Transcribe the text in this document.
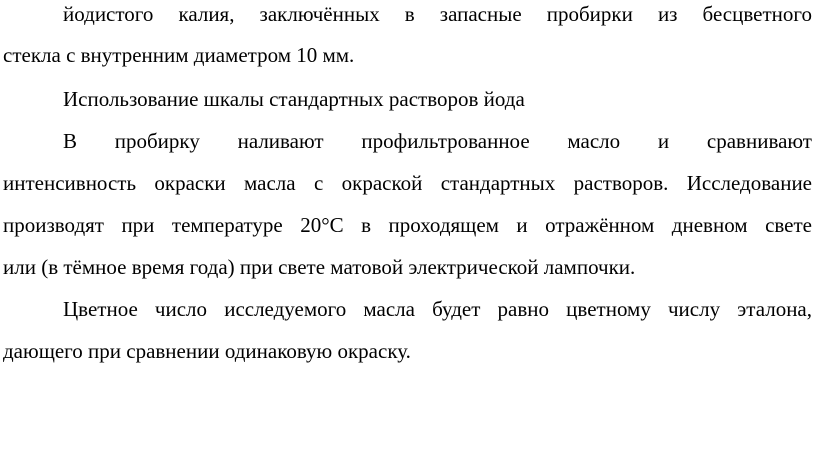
йодистого калия, заключённых в запасные пробирки из бесцветного
стекла с внутренним диаметром 10 мм.
Использование шкалы стандартных растворов йода
В пробирку наливают профильтрованное масло и сравнивают
интенсивность окраски масла с окраской стандартных растворов. Исследование
производят при температуре 20°С в проходящем и отражённом дневном свете
или (в тёмное время года) при свете матовой электрической лампочки.
Цветное число исследуемого масла будет равно цветному числу эталона,
дающего при сравнении одинаковую окраску.
